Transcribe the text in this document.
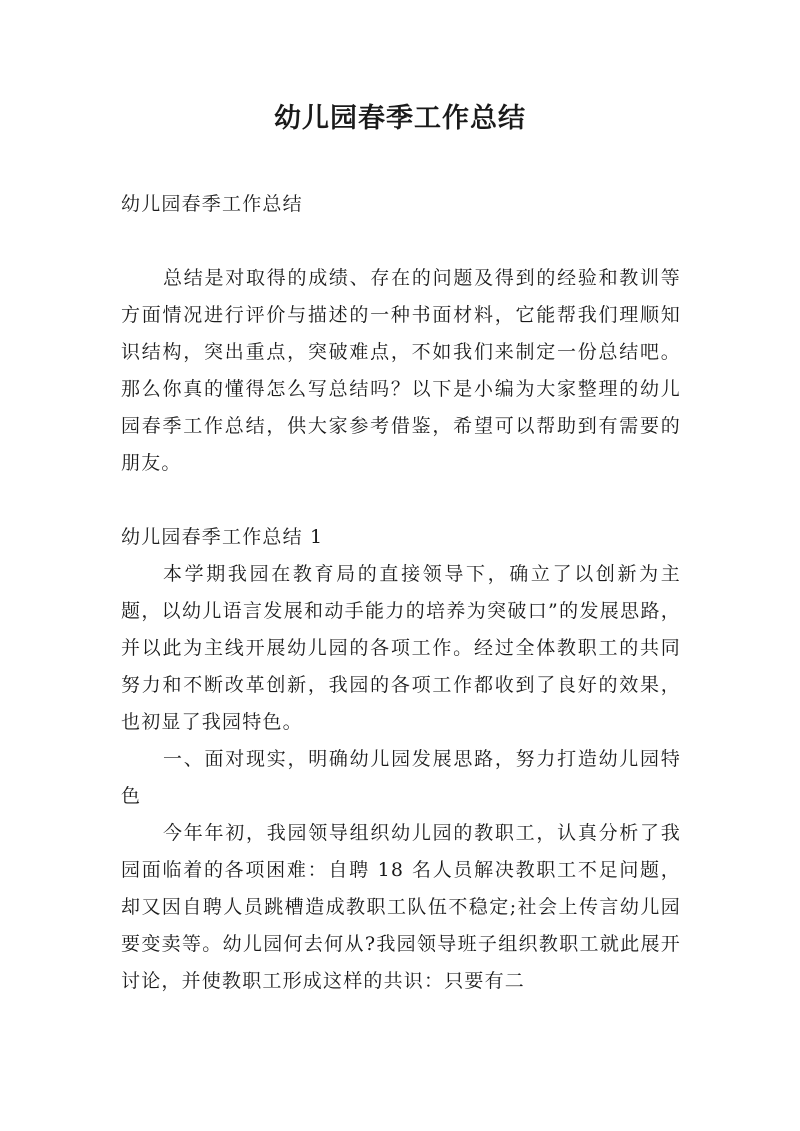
幼儿园春季工作总结

幼儿园春季工作总结

总结是对取得的成绩、存在的问题及得到的经验和教训等方面情况进行评价与描述的一种书面材料，它能帮我们理顺知识结构，突出重点，突破难点，不如我们来制定一份总结吧。那么你真的懂得怎么写总结吗？以下是小编为大家整理的幼儿园春季工作总结，供大家参考借鉴，希望可以帮助到有需要的朋友。

幼儿园春季工作总结 1

本学期我园在教育局的直接领导下，确立了以创新为主题，以幼儿语言发展和动手能力的培养为突破口”的发展思路，并以此为主线开展幼儿园的各项工作。经过全体教职工的共同努力和不断改革创新，我园的各项工作都收到了良好的效果，也初显了我园特色。

一、面对现实，明确幼儿园发展思路，努力打造幼儿园特色

今年年初，我园领导组织幼儿园的教职工，认真分析了我园面临着的各项困难：自聘 18 名人员解决教职工不足问题，却又因自聘人员跳槽造成教职工队伍不稳定;社会上传言幼儿园要变卖等。幼儿园何去何从?我园领导班子组织教职工就此展开讨论，并使教职工形成这样的共识：只要有二
